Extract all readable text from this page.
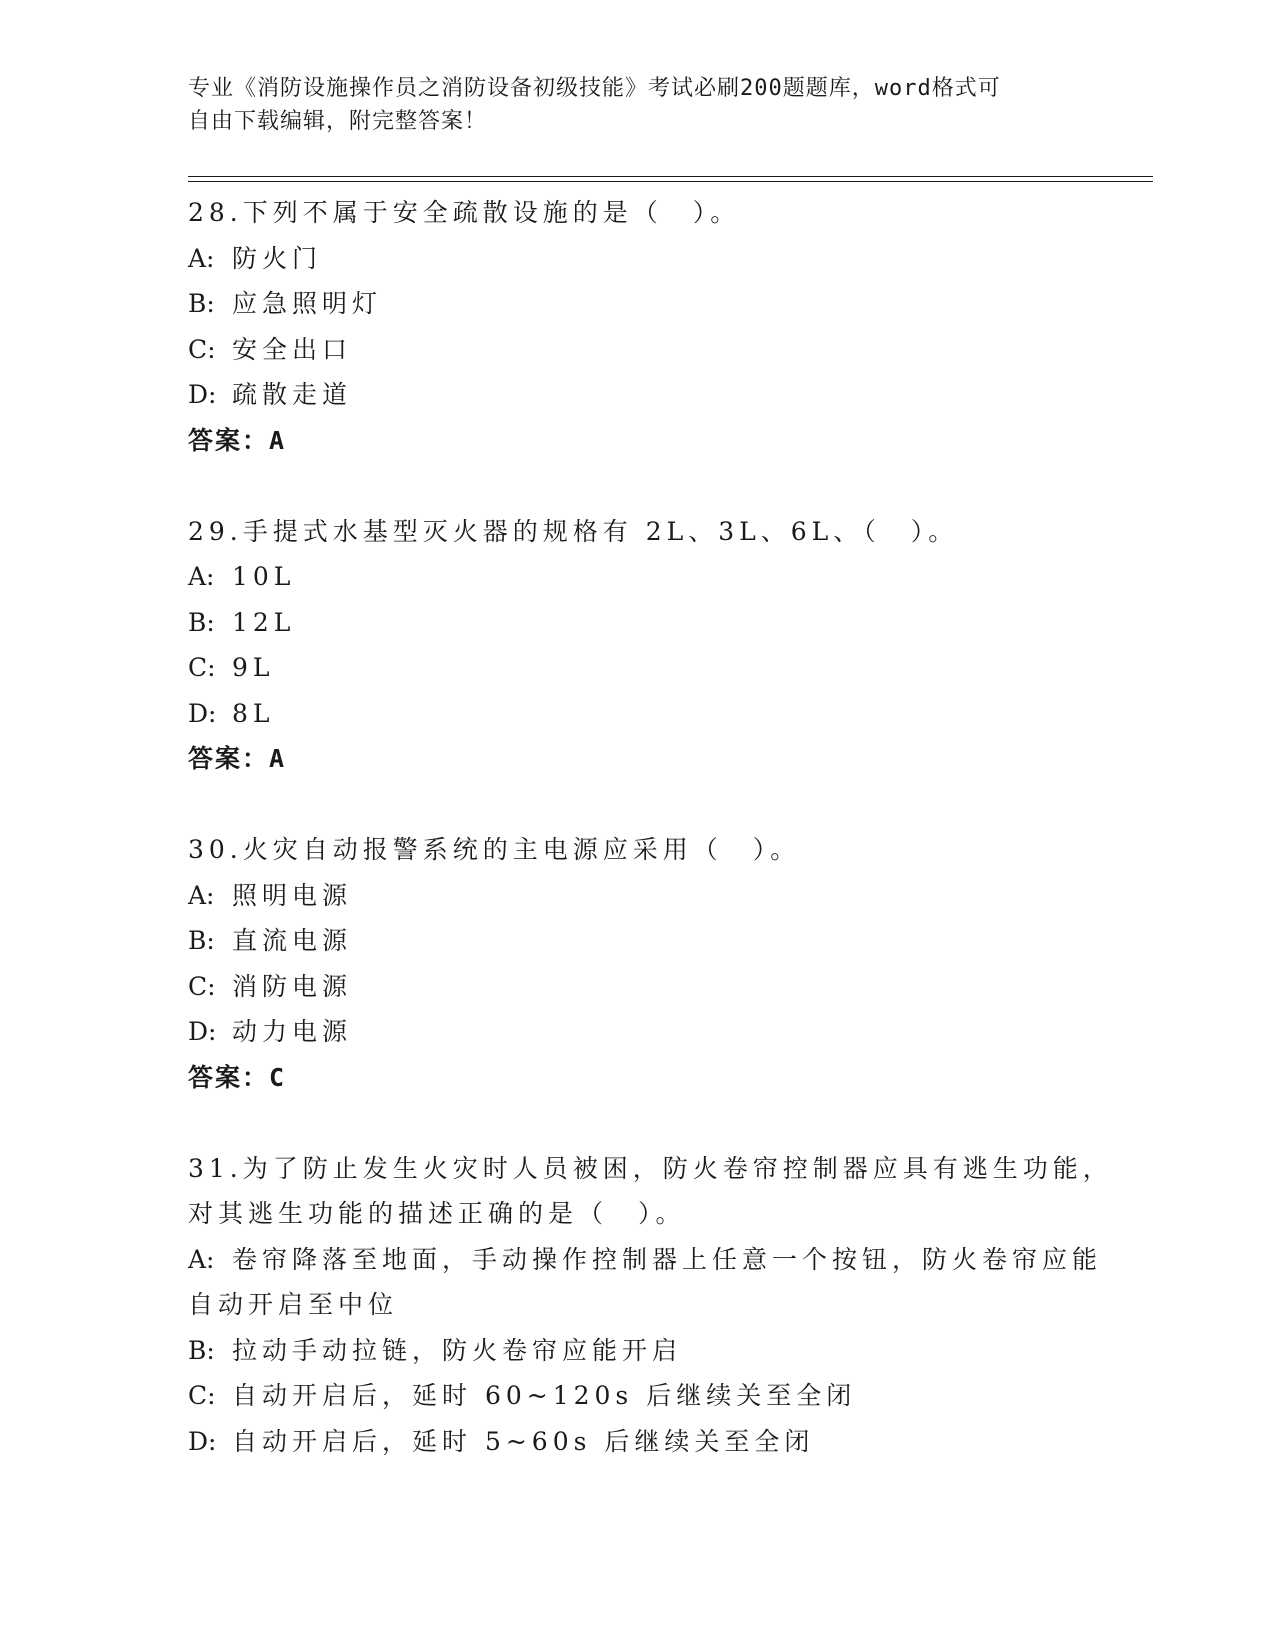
专业《消防设施操作员之消防设备初级技能》考试必刷200题题库，word格式可
自由下载编辑，附完整答案！
28.下列不属于安全疏散设施的是（　）。
A: 防火门
B: 应急照明灯
C: 安全出口
D: 疏散走道
答案：A
29.手提式水基型灭火器的规格有 2L、3L、6L、（　）。
A: 10L
B: 12L
C: 9L
D: 8L
答案：A
30.火灾自动报警系统的主电源应采用（　）。
A: 照明电源
B: 直流电源
C: 消防电源
D: 动力电源
答案：C
31.为了防止发生火灾时人员被困，防火卷帘控制器应具有逃生功能，
对其逃生功能的描述正确的是（　）。
A: 卷帘降落至地面，手动操作控制器上任意一个按钮，防火卷帘应能
自动开启至中位
B: 拉动手动拉链，防火卷帘应能开启
C: 自动开启后，延时 60~120s 后继续关至全闭
D: 自动开启后，延时 5~60s 后继续关至全闭
